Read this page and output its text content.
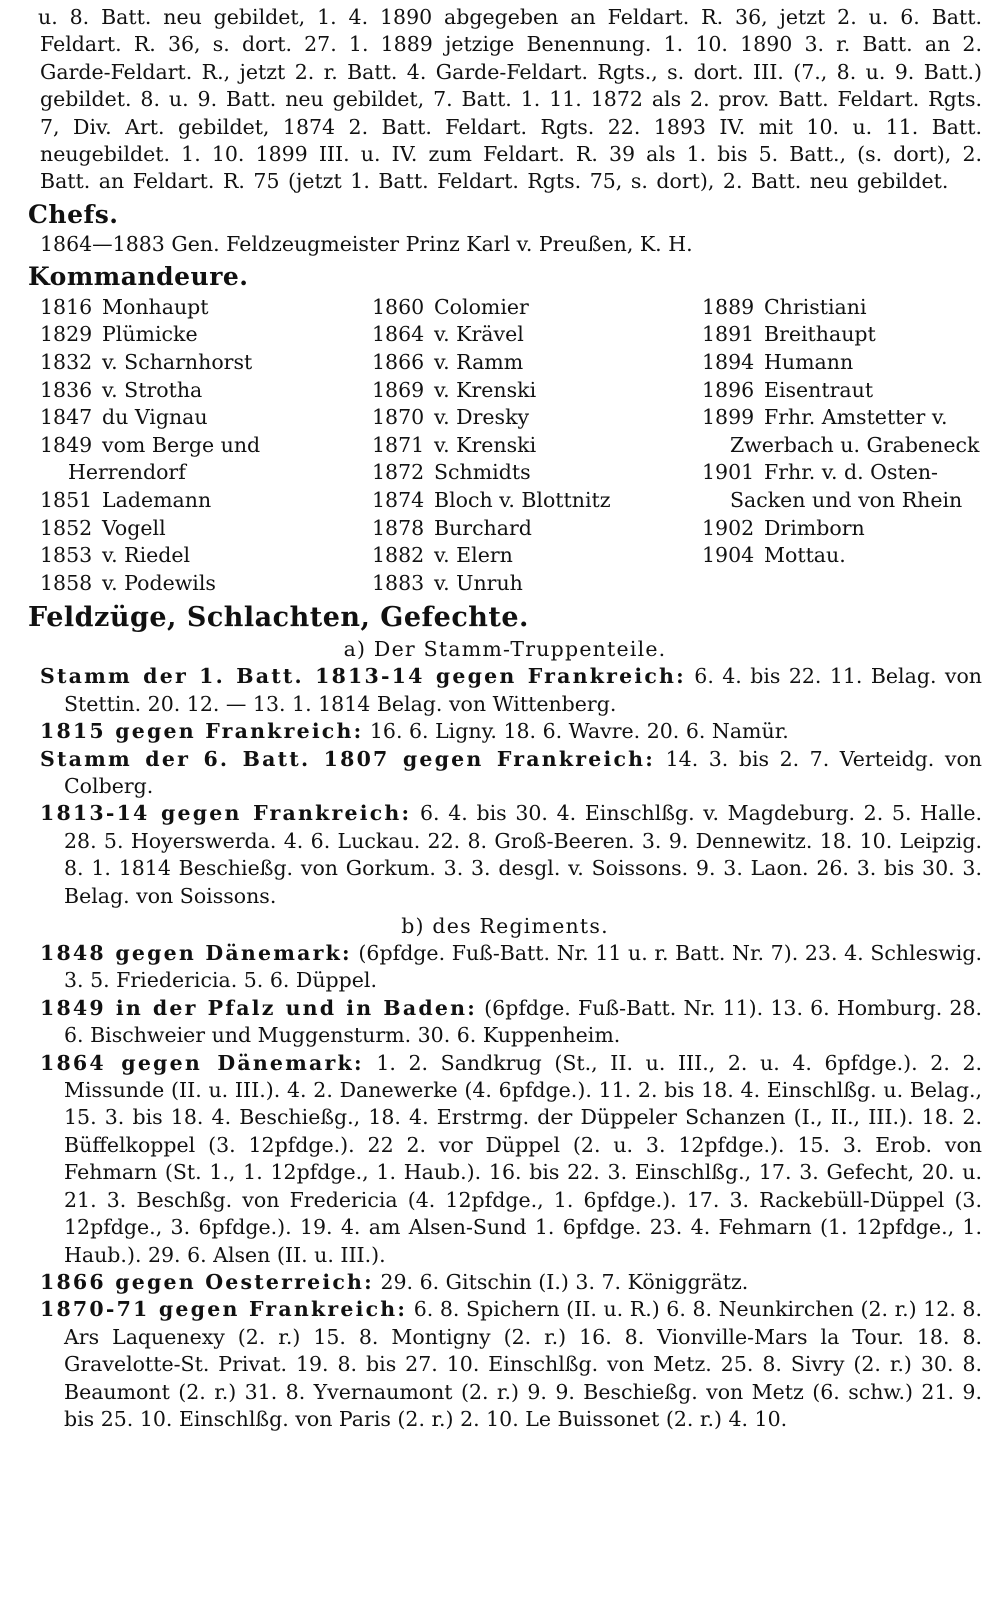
u. 8. Batt. neu gebildet, 1. 4. 1890 abgegeben an Feldart. R. 36, jetzt 2. u. 6. Batt. Feldart. R. 36, s. dort. 27. 1. 1889 jetzige Benennung. 1. 10. 1890 3. r. Batt. an 2. Garde-Feldart. R., jetzt 2. r. Batt. 4. Garde-Feldart. Rgts., s. dort. III. (7., 8. u. 9. Batt.) gebildet. 8. u. 9. Batt. neu gebildet, 7. Batt. 1. 11. 1872 als 2. prov. Batt. Feldart. Rgts. 7, Div. Art. gebildet, 1874 2. Batt. Feldart. Rgts. 22. 1893 IV. mit 10. u. 11. Batt. neugebildet. 1. 10. 1899 III. u. IV. zum Feldart. R. 39 als 1. bis 5. Batt., (s. dort), 2. Batt. an Feldart. R. 75 (jetzt 1. Batt. Feldart. Rgts. 75, s. dort), 2. Batt. neu gebildet.

Chefs.

1864—1883 Gen. Feldzeugmeister Prinz Karl v. Preußen, K. H.

Kommandeure.
1816 Monhaupt
1829 Plümicke
1832 v. Scharnhorst
1836 v. Strotha
1847 du Vignau
1849 vom Berge und
Herrendorf
1851 Lademann
1852 Vogell
1853 v. Riedel
1858 v. Podewils
1860 Colomier
1864 v. Krävel
1866 v. Ramm
1869 v. Krenski
1870 v. Dresky
1871 v. Krenski
1872 Schmidts
1874 Bloch v. Blottnitz
1878 Burchard
1882 v. Elern
1883 v. Unruh
1889 Christiani
1891 Breithaupt
1894 Humann
1896 Eisentraut
1899 Frhr. Amstetter v.
Zwerbach u. Grabeneck
1901 Frhr. v. d. Osten-
Sacken und von Rhein
1902 Drimborn
1904 Mottau.
Feldzüge, Schlachten, Gefechte.

a) Der Stamm-Truppenteile.

Stamm der 1. Batt. 1813-14 gegen Frankreich: 6. 4. bis 22. 11. Belag. von Stettin. 20. 12. — 13. 1. 1814 Belag. von Wittenberg.

1815 gegen Frankreich: 16. 6. Ligny. 18. 6. Wavre. 20. 6. Namür.

Stamm der 6. Batt. 1807 gegen Frankreich: 14. 3. bis 2. 7. Verteidg. von Colberg.

1813-14 gegen Frankreich: 6. 4. bis 30. 4. Einschlßg. v. Magdeburg. 2. 5. Halle. 28. 5. Hoyerswerda. 4. 6. Luckau. 22. 8. Groß-Beeren. 3. 9. Dennewitz. 18. 10. Leipzig. 8. 1. 1814 Beschießg. von Gorkum. 3. 3. desgl. v. Soissons. 9. 3. Laon. 26. 3. bis 30. 3. Belag. von Soissons.

b) des Regiments.

1848 gegen Dänemark: (6pfdge. Fuß-Batt. Nr. 11 u. r. Batt. Nr. 7). 23. 4. Schleswig. 3. 5. Friedericia. 5. 6. Düppel.

1849 in der Pfalz und in Baden: (6pfdge. Fuß-Batt. Nr. 11). 13. 6. Homburg. 28. 6. Bischweier und Muggensturm. 30. 6. Kuppenheim.

1864 gegen Dänemark: 1. 2. Sandkrug (St., II. u. III., 2. u. 4. 6pfdge.). 2. 2. Missunde (II. u. III.). 4. 2. Danewerke (4. 6pfdge.). 11. 2. bis 18. 4. Einschlßg. u. Belag., 15. 3. bis 18. 4. Beschießg., 18. 4. Erstrmg. der Düppeler Schanzen (I., II., III.). 18. 2. Büffelkoppel (3. 12pfdge.). 22 2. vor Düppel (2. u. 3. 12pfdge.). 15. 3. Erob. von Fehmarn (St. 1., 1. 12pfdge., 1. Haub.). 16. bis 22. 3. Einschlßg., 17. 3. Gefecht, 20. u. 21. 3. Beschßg. von Fredericia (4. 12pfdge., 1. 6pfdge.). 17. 3. Rackebüll-Düppel (3. 12pfdge., 3. 6pfdge.). 19. 4. am Alsen-Sund 1. 6pfdge. 23. 4. Fehmarn (1. 12pfdge., 1. Haub.). 29. 6. Alsen (II. u. III.).

1866 gegen Oesterreich: 29. 6. Gitschin (I.) 3. 7. Königgrätz.

1870-71 gegen Frankreich: 6. 8. Spichern (II. u. R.) 6. 8. Neunkirchen (2. r.) 12. 8. Ars Laquenexy (2. r.) 15. 8. Montigny (2. r.) 16. 8. Vionville-Mars la Tour. 18. 8. Gravelotte-St. Privat. 19. 8. bis 27. 10. Einschlßg. von Metz. 25. 8. Sivry (2. r.) 30. 8. Beaumont (2. r.) 31. 8. Yvernaumont (2. r.) 9. 9. Beschießg. von Metz (6. schw.) 21. 9. bis 25. 10. Einschlßg. von Paris (2. r.) 2. 10. Le Buissonet (2. r.) 4. 10.
